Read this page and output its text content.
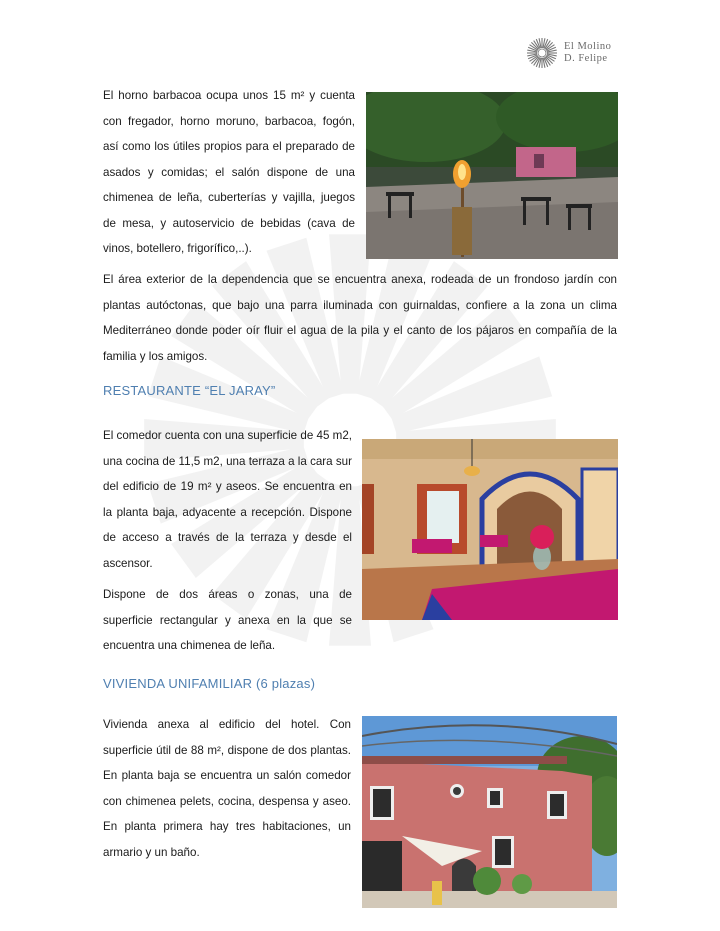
El Molino
D. Felipe
El horno barbacoa ocupa unos 15 m² y cuenta con fregador, horno moruno, barbacoa, fogón, así como los útiles propios para el preparado de asados y comidas; el salón dispone de una chimenea de leña, cuberterías y vajilla, juegos de mesa, y autoservicio de bebidas (cava de vinos, botellero, frigorífico,..).
El área exterior de la dependencia que se encuentra anexa, rodeada de un frondoso jardín con plantas autóctonas, que bajo una parra iluminada con guirnaldas, confiere a la zona un clima Mediterráneo donde poder oír fluir el agua de la pila y el canto de los pájaros en compañía de la familia y los amigos.
RESTAURANTE “EL JARAY”
El comedor cuenta con una superficie de 45 m2, una cocina de 11,5 m2, una terraza a la cara sur del edificio de 19 m² y aseos. Se encuentra en la planta baja, adyacente a recepción. Dispone de acceso a través de la terraza y desde el ascensor.
Dispone de dos áreas o zonas, una de superficie rectangular y anexa en la que se encuentra una chimenea de leña.
VIVIENDA UNIFAMILIAR (6 plazas)
Vivienda anexa al edificio del hotel. Con superficie útil de 88 m², dispone de dos plantas. En planta baja se encuentra un salón comedor con chimenea pelets, cocina, despensa y aseo. En planta primera hay tres habitaciones, un armario y un baño.
